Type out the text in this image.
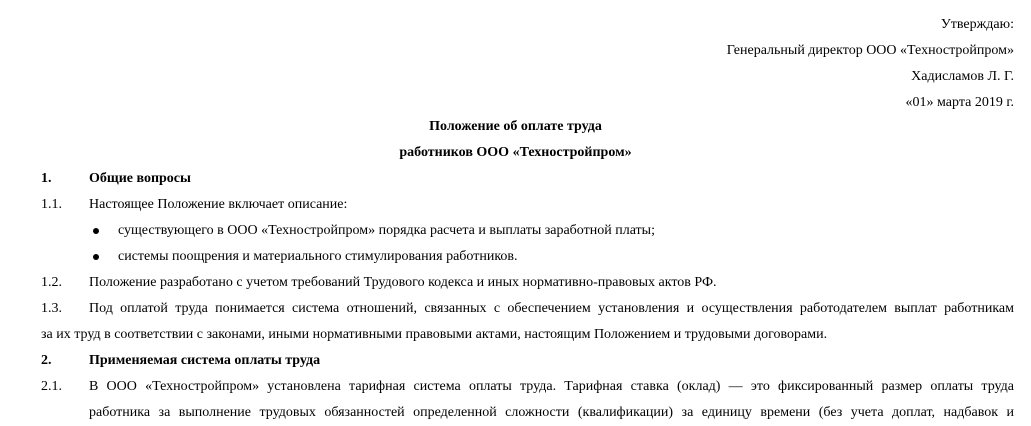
Утверждаю:
Генеральный директор ООО «Техностройпром»
Хадисламов Л. Г.
«01» марта 2019 г.
Положение об оплате труда
работников ООО «Техностройпром»
1.	Общие вопросы
1.1. Настоящее Положение включает описание:
существующего в ООО «Техностройпром» порядка расчета и выплаты заработной платы;
системы поощрения и материального стимулирования работников.
1.2. Положение разработано с учетом требований Трудового кодекса и иных нормативно-правовых актов РФ.
1.3. Под оплатой труда понимается система отношений, связанных с обеспечением установления и осуществления работодателем выплат работникам
за их труд в соответствии с законами, иными нормативными правовыми актами, настоящим Положением и трудовыми договорами.
2.	Применяемая система оплаты труда
2.1. В ООО «Техностройпром» установлена тарифная система оплаты труда. Тарифная ставка (оклад) — это фиксированный размер оплаты труда
работника за выполнение трудовых обязанностей определенной сложности (квалификации) за единицу времени (без учета доплат, надбавок и
